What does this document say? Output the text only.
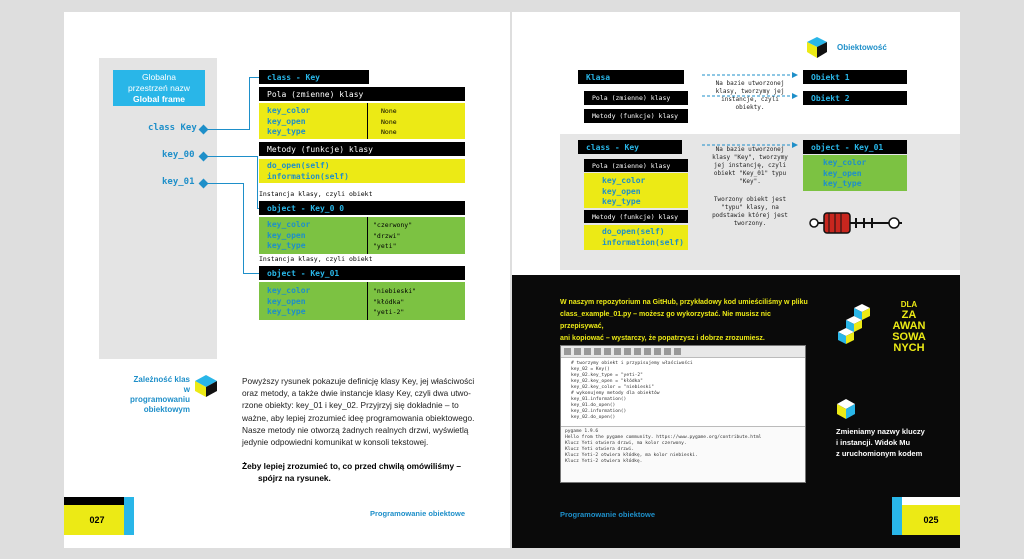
Globalna
przestrzeń nazw
Global frame
class Key
key_00
key_01
class - Key
Pola (zmienne) klasy
key_color
key_open
key_type
None
None
None
Metody (funkcje) klasy
do_open(self)
information(self)
Instancja klasy, czyli obiekt
object - Key_0 0
key_color
key_open
key_type
"czerwony"
"drzwi"
"yeti"
Instancja klasy, czyli obiekt
object - Key_01
key_color
key_open
key_type
"niebieski"
"kłódka"
"yeti-2"
Zależność klas
w programowaniu
obiektowym
Powyższy rysunek pokazuje definicję klasy Key, jej właściwości
oraz metody, a także dwie instancje klasy Key, czyli dwa utwo-
rzone obiekty: key_01 i key_02. Przyjrzyj się dokładnie – to
ważne, aby lepiej zrozumieć ideę programowania obiektowego.
Nasze metody nie otworzą żadnych realnych drzwi, wyświetlą
jedynie odpowiedni komunikat w konsoli tekstowej.
Żeby lepiej zrozumieć to, co przed chwilą omówiliśmy –
spójrz na rysunek.
027
Programowanie obiektowe
Obiektowość
Klasa
Pola (zmienne) klasy
Metody (funkcje) klasy
Na bazie utworzonej
klasy, tworzymy jej
instancje, czyli
obiekty.
Obiekt 1
Obiekt 2
class - Key
Pola (zmienne) klasy
key_color
key_open
key_type
Metody (funkcje) klasy
do_open(self)
information(self)
Na bazie utworzonej
klasy "Key", tworzymy
jej instancję, czyli
obiekt "Key_01" typu
"Key".
Tworzony obiekt jest
"typu" klasy, na
podstawie której jest
tworzony.
object - Key_01
key_color
key_open
key_type
W naszym repozytorium na GitHub, przykładowy kod umieściliśmy w pliku
class_example_01.py – możesz go wykorzystać. Nie musisz nic przepisywać,
ani kopiować – wystarczy, że popatrzysz i dobrze zrozumiesz.
DLA
ZA
AWAN
SOWA
NYCH
Zmieniamy nazwy kluczy
i instancji. Widok Mu
z uruchomionym kodem
# tworzymy obiekt i przypisujemy właściwości
key_02 = Key()
key_02.key_type = "yeti-2"
key_02.key_open = "kłódka"
key_02.key_color = "niebieski"
# wykonujemy metody dla obiektów
key_01.information()
key_01.do_open()
key_02.information()
key_02.do_open()
pygame 1.9.6
Hello from the pygame community. https://www.pygame.org/contribute.html
Klucz Yeti otwiera drzwi, ma kolor czerwony.
Klucz Yeti otwiera drzwi.
Klucz Yeti-2 otwiera kłódkę, ma kolor niebieski.
Klucz Yeti-2 otwiera kłódkę.
Programowanie obiektowe
025
